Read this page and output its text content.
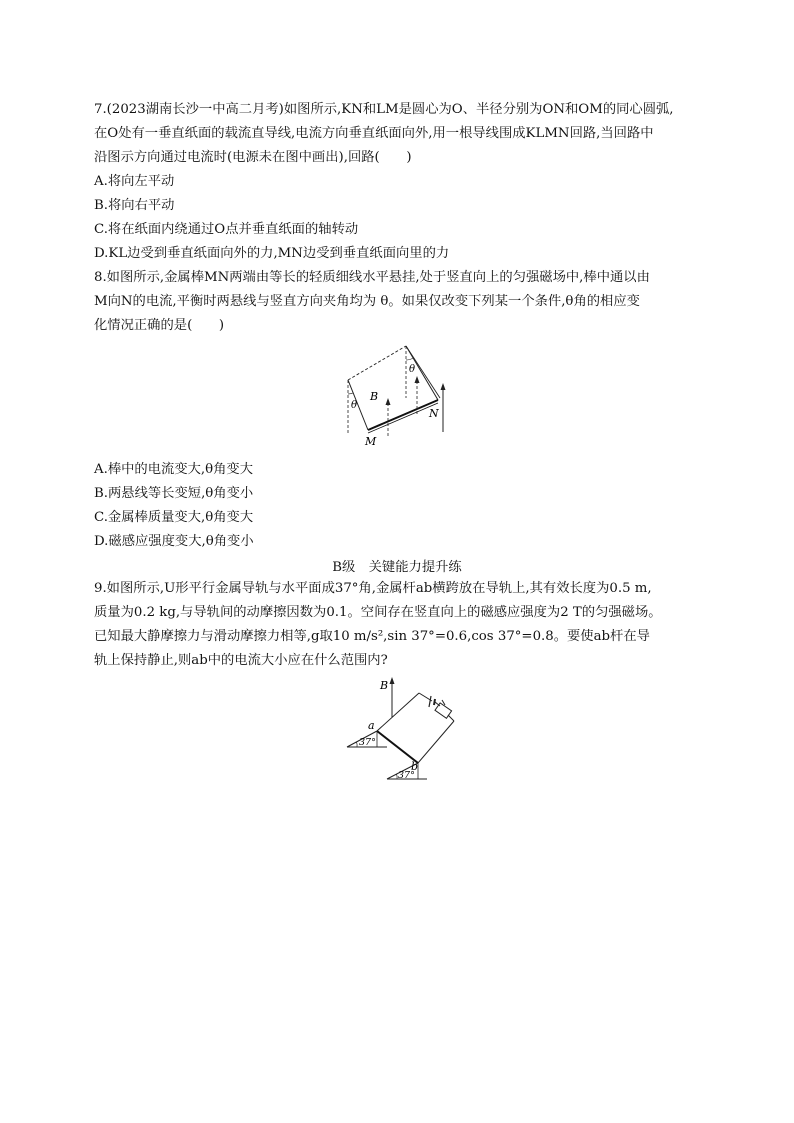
7.(2023湖南长沙一中高二月考)如图所示,KN和LM是圆心为O、半径分别为ON和OM的同心圆弧,
在O处有一垂直纸面的载流直导线,电流方向垂直纸面向外,用一根导线围成KLMN回路,当回路中
沿图示方向通过电流时(电源未在图中画出),回路(　　)
A.将向左平动
B.将向右平动
C.将在纸面内绕通过O点并垂直纸面的轴转动
D.KL边受到垂直纸面向外的力,MN边受到垂直纸面向里的力
8.如图所示,金属棒MN两端由等长的轻质细线水平悬挂,处于竖直向上的匀强磁场中,棒中通以由
M向N的电流,平衡时两悬线与竖直方向夹角均为 θ。如果仅改变下列某一个条件,θ角的相应变
化情况正确的是(　　)
B
θ
θ
M
N
A.棒中的电流变大,θ角变大
B.两悬线等长变短,θ角变小
C.金属棒质量变大,θ角变大
D.磁感应强度变大,θ角变小
B级　关键能力提升练
9.如图所示,U形平行金属导轨与水平面成37°角,金属杆ab横跨放在导轨上,其有效长度为0.5 m,
质量为0.2 kg,与导轨间的动摩擦因数为0.1。空间存在竖直向上的磁感应强度为2 T的匀强磁场。
已知最大静摩擦力与滑动摩擦力相等,g取10 m/s²,sin 37°=0.6,cos 37°=0.8。要使ab杆在导
轨上保持静止,则ab中的电流大小应在什么范围内?
B
37°
37°
a
b
